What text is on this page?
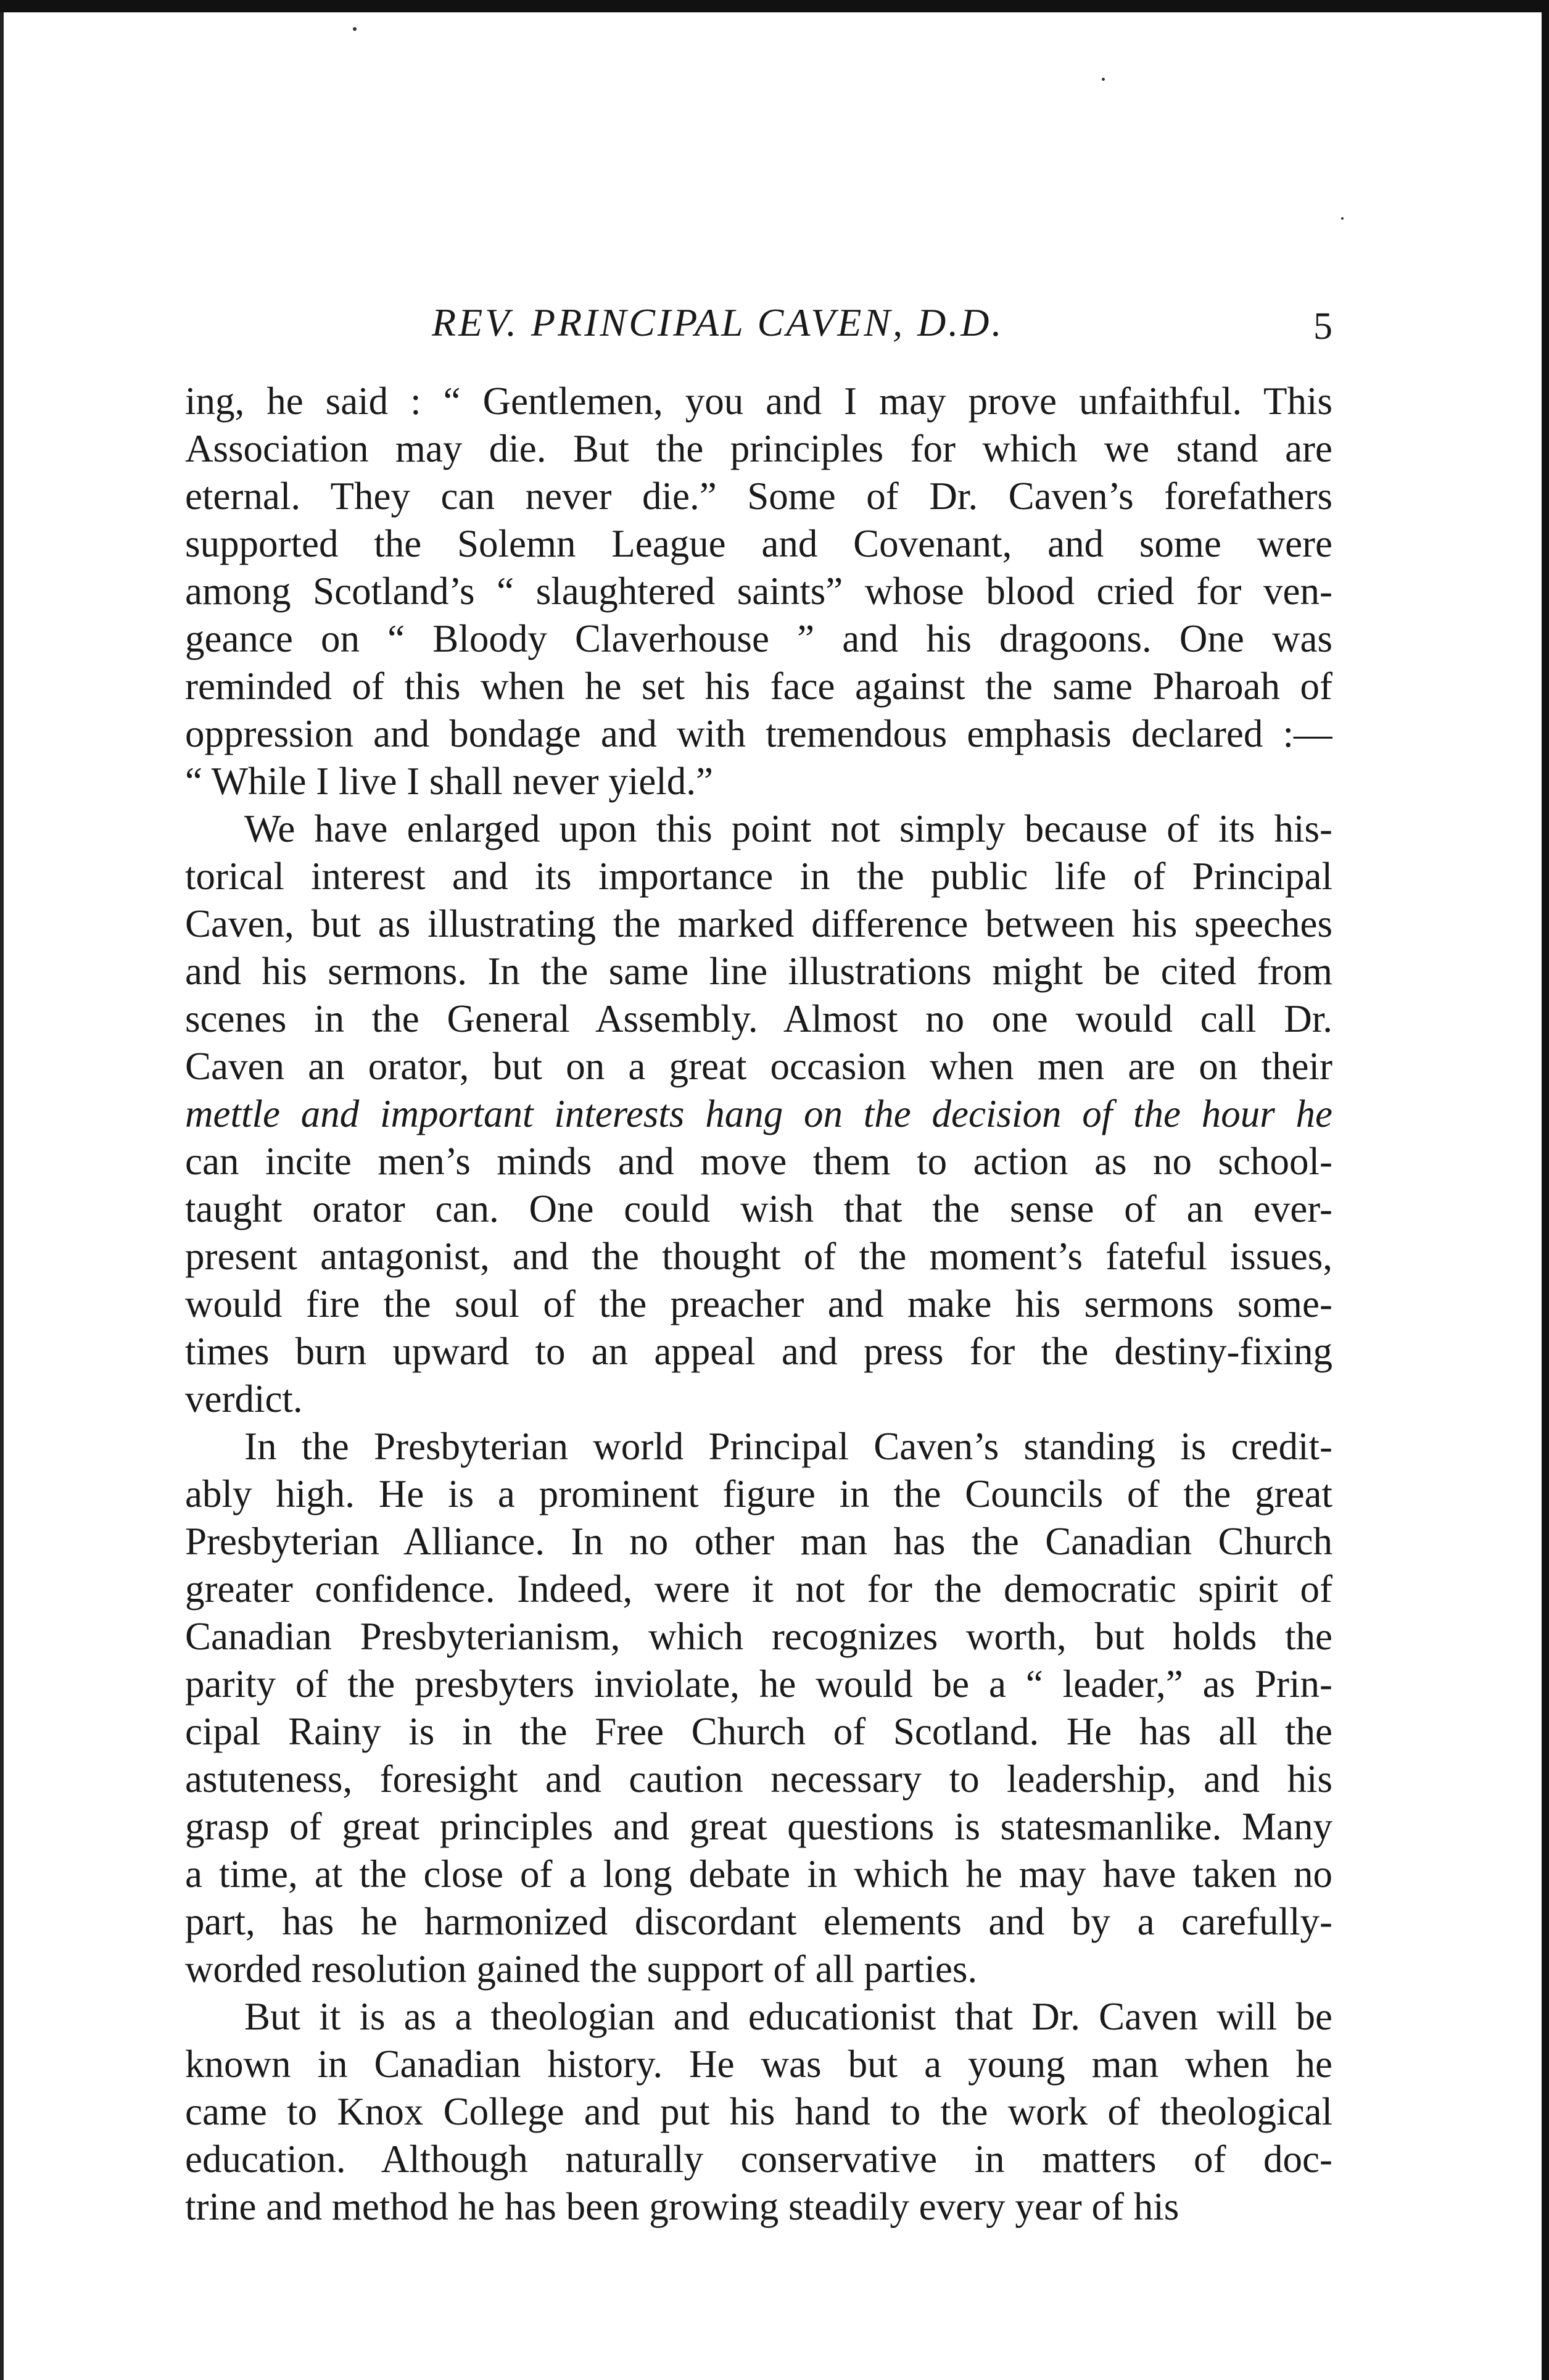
REV. PRINCIPAL CAVEN, D.D.	5
ing, he said : “ Gentlemen, you and I may prove unfaithful. This
Association may die. But the principles for which we stand are
eternal. They can never die.” Some of Dr. Caven’s forefathers
supported the Solemn League and Covenant, and some were
among Scotland’s “ slaughtered saints” whose blood cried for ven-
geance on “ Bloody Claverhouse ” and his dragoons. One was
reminded of this when he set his face against the same Pharoah of
oppression and bondage and with tremendous emphasis declared :—
“ While I live I shall never yield.”
We have enlarged upon this point not simply because of its his-
torical interest and its importance in the public life of Principal
Caven, but as illustrating the marked difference between his speeches
and his sermons. In the same line illustrations might be cited from
scenes in the General Assembly. Almost no one would call Dr.
Caven an orator, but on a great occasion when men are on their
mettle and important interests hang on the decision of the hour he
can incite men’s minds and move them to action as no school-
taught orator can. One could wish that the sense of an ever-
present antagonist, and the thought of the moment’s fateful issues,
would fire the soul of the preacher and make his sermons some-
times burn upward to an appeal and press for the destiny-fixing
verdict.
In the Presbyterian world Principal Caven’s standing is credit-
ably high. He is a prominent figure in the Councils of the great
Presbyterian Alliance. In no other man has the Canadian Church
greater confidence. Indeed, were it not for the democratic spirit of
Canadian Presbyterianism, which recognizes worth, but holds the
parity of the presbyters inviolate, he would be a “ leader,” as Prin-
cipal Rainy is in the Free Church of Scotland. He has all the
astuteness, foresight and caution necessary to leadership, and his
grasp of great principles and great questions is statesmanlike. Many
a time, at the close of a long debate in which he may have taken no
part, has he harmonized discordant elements and by a carefully-
worded resolution gained the support of all parties.
But it is as a theologian and educationist that Dr. Caven will be
known in Canadian history. He was but a young man when he
came to Knox College and put his hand to the work of theological
education. Although naturally conservative in matters of doc-
trine and method he has been growing steadily every year of his
